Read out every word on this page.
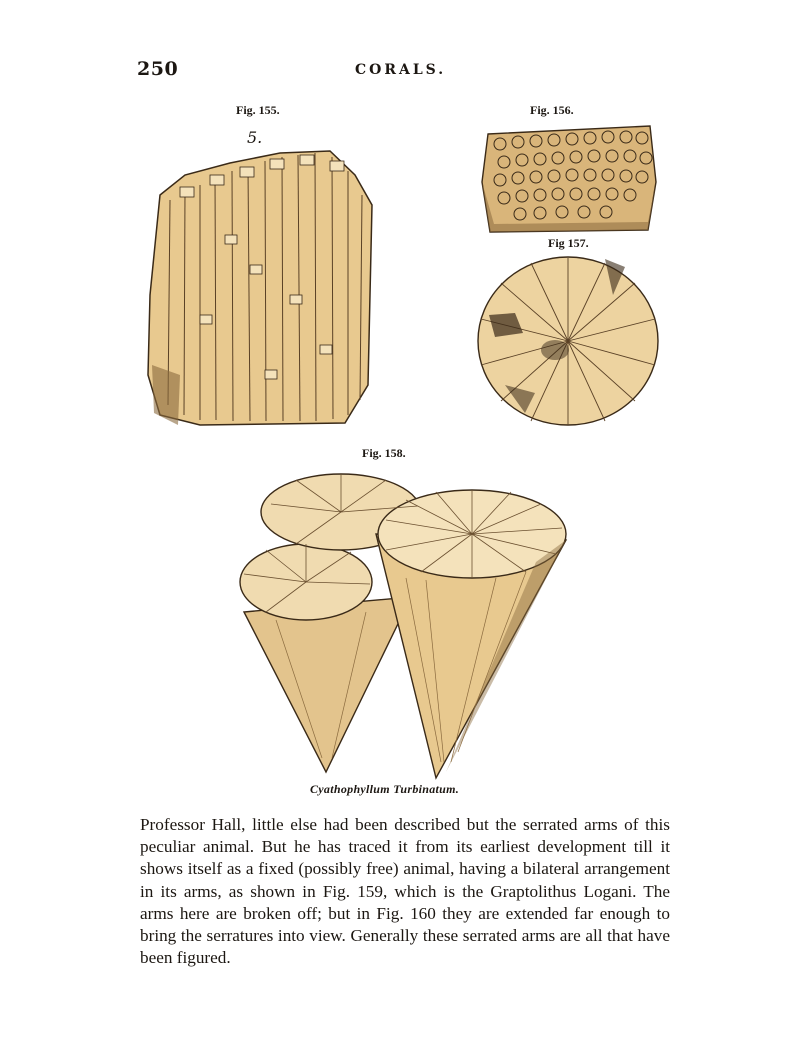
250	CORALS.
Fig. 155.
5.
Fig. 156.
Fig 157.
Fig. 158.
Cyathophyllum Turbinatum.

Professor Hall, little else had been described but the serrated arms of this peculiar animal. But he has traced it from its earliest development till it shows itself as a fixed (possibly free) animal, having a bilateral arrangement in its arms, as shown in Fig. 159, which is the Graptolithus Logani. The arms here are broken off; but in Fig. 160 they are extended far enough to bring the serratures into view. Generally these serrated arms are all that have been figured.
